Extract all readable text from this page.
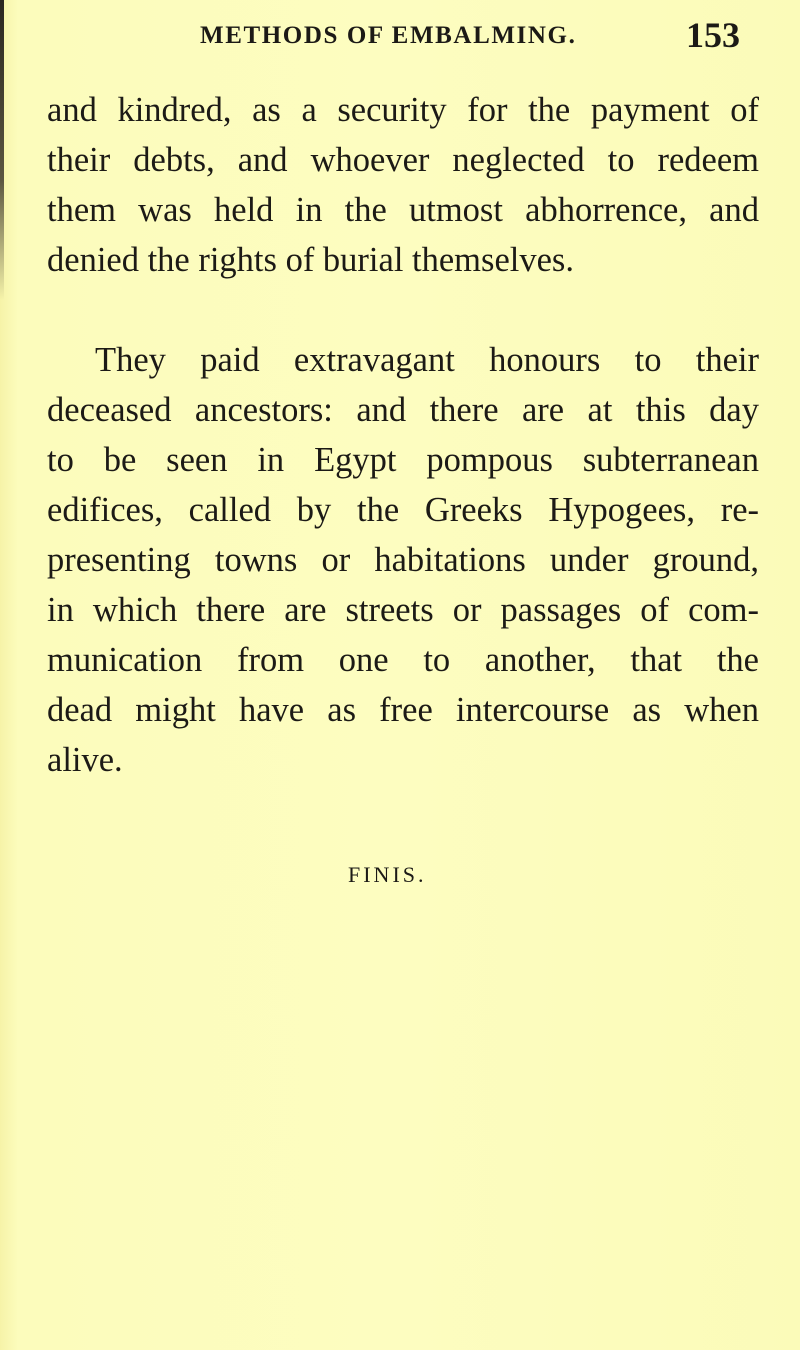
METHODS OF EMBALMING.	153
and kindred, as a security for the payment of
their debts, and whoever neglected to redeem
them was held in the utmost abhorrence, and
denied the rights of burial themselves.
They paid extravagant honours to their
deceased ancestors: and there are at this day
to be seen in Egypt pompous subterranean
edifices, called by the Greeks Hypogees, re-
presenting towns or habitations under ground,
in which there are streets or passages of com-
munication from one to another, that the
dead might have as free intercourse as when
alive.
FINIS.
